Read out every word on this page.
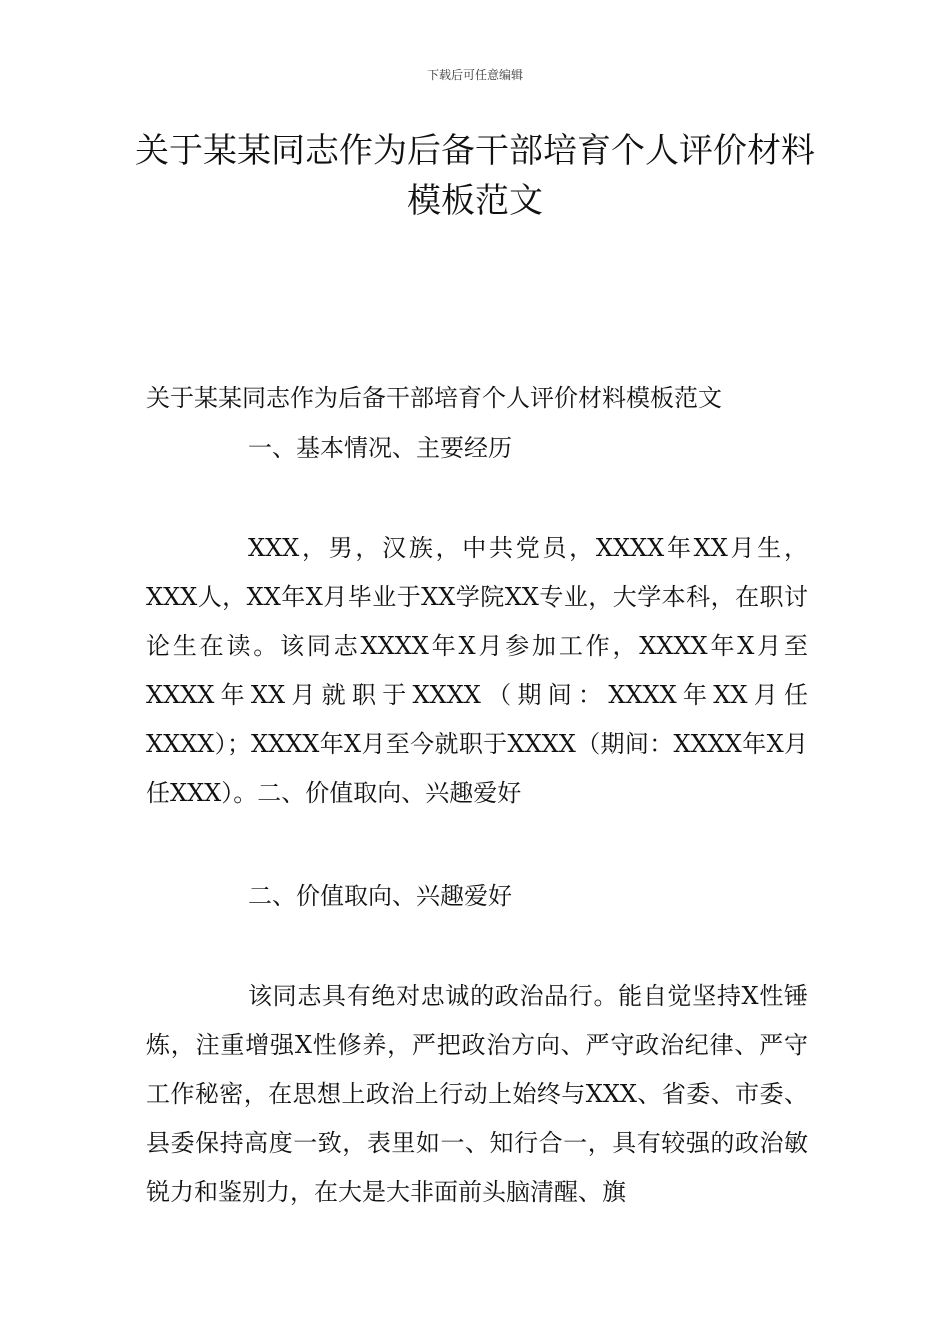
下载后可任意编辑
关于某某同志作为后备干部培育个人评价材料模板范文

关于某某同志作为后备干部培育个人评价材料模板范文

一、基本情况、主要经历

XXX，男，汉族，中共党员，XXXX年XX月生，XXX人，XX年X月毕业于XX学院XX专业，大学本科，在职讨论生在读。该同志XXXX年X月参加工作，XXXX年X月至XXXX年XX月就职于XXXX（期间：XXXX年XX月任XXXX）；XXXX年X月至今就职于XXXX（期间：XXXX年X月任XXX）。二、价值取向、兴趣爱好

二、价值取向、兴趣爱好

该同志具有绝对忠诚的政治品行。能自觉坚持X性锤炼，注重增强X性修养，严把政治方向、严守政治纪律、严守工作秘密，在思想上政治上行动上始终与XXX、省委、市委、县委保持高度一致，表里如一、知行合一，具有较强的政治敏锐力和鉴别力，在大是大非面前头脑清醒、旗
